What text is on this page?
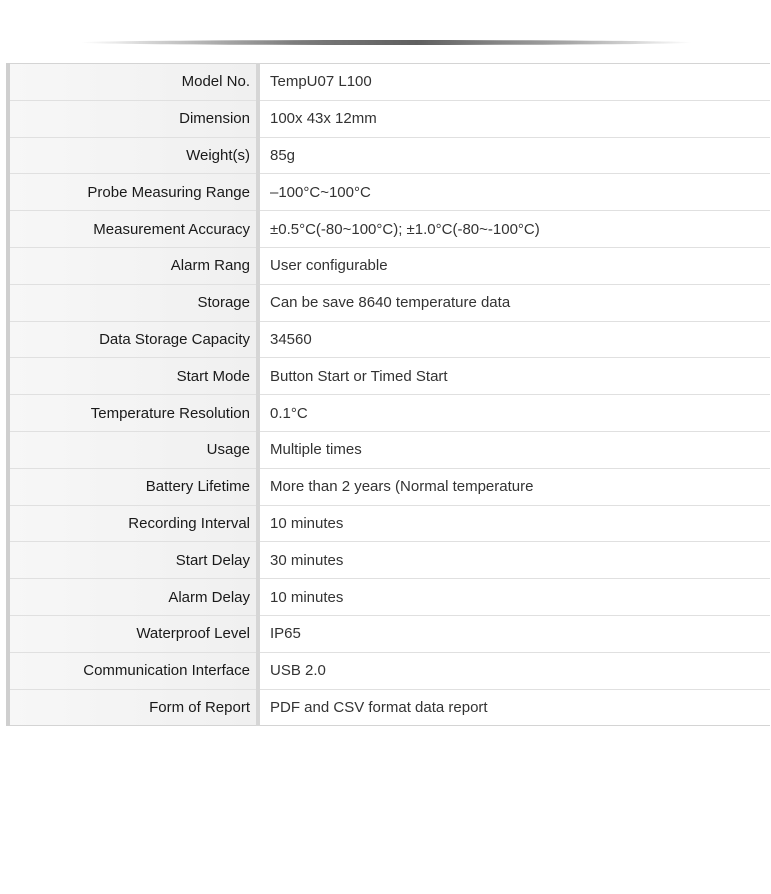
Model No.	TempU07 L100
Dimension	100x 43x 12mm
Weight(s)	85g
Probe Measuring Range	–100°C~100°C
Measurement Accuracy	±0.5°C(-80~100°C); ±1.0°C(-80~-100°C)
Alarm Rang	User configurable
Storage	Can be save 8640 temperature data
Data Storage Capacity	34560
Start Mode	Button Start or Timed Start
Temperature Resolution	0.1°C
Usage	Multiple times
Battery Lifetime	More than 2 years (Normal temperature
Recording Interval	10 minutes
Start Delay	30 minutes
Alarm Delay	10 minutes
Waterproof Level	IP65
Communication Interface	USB 2.0
Form of Report	PDF and CSV format data report
